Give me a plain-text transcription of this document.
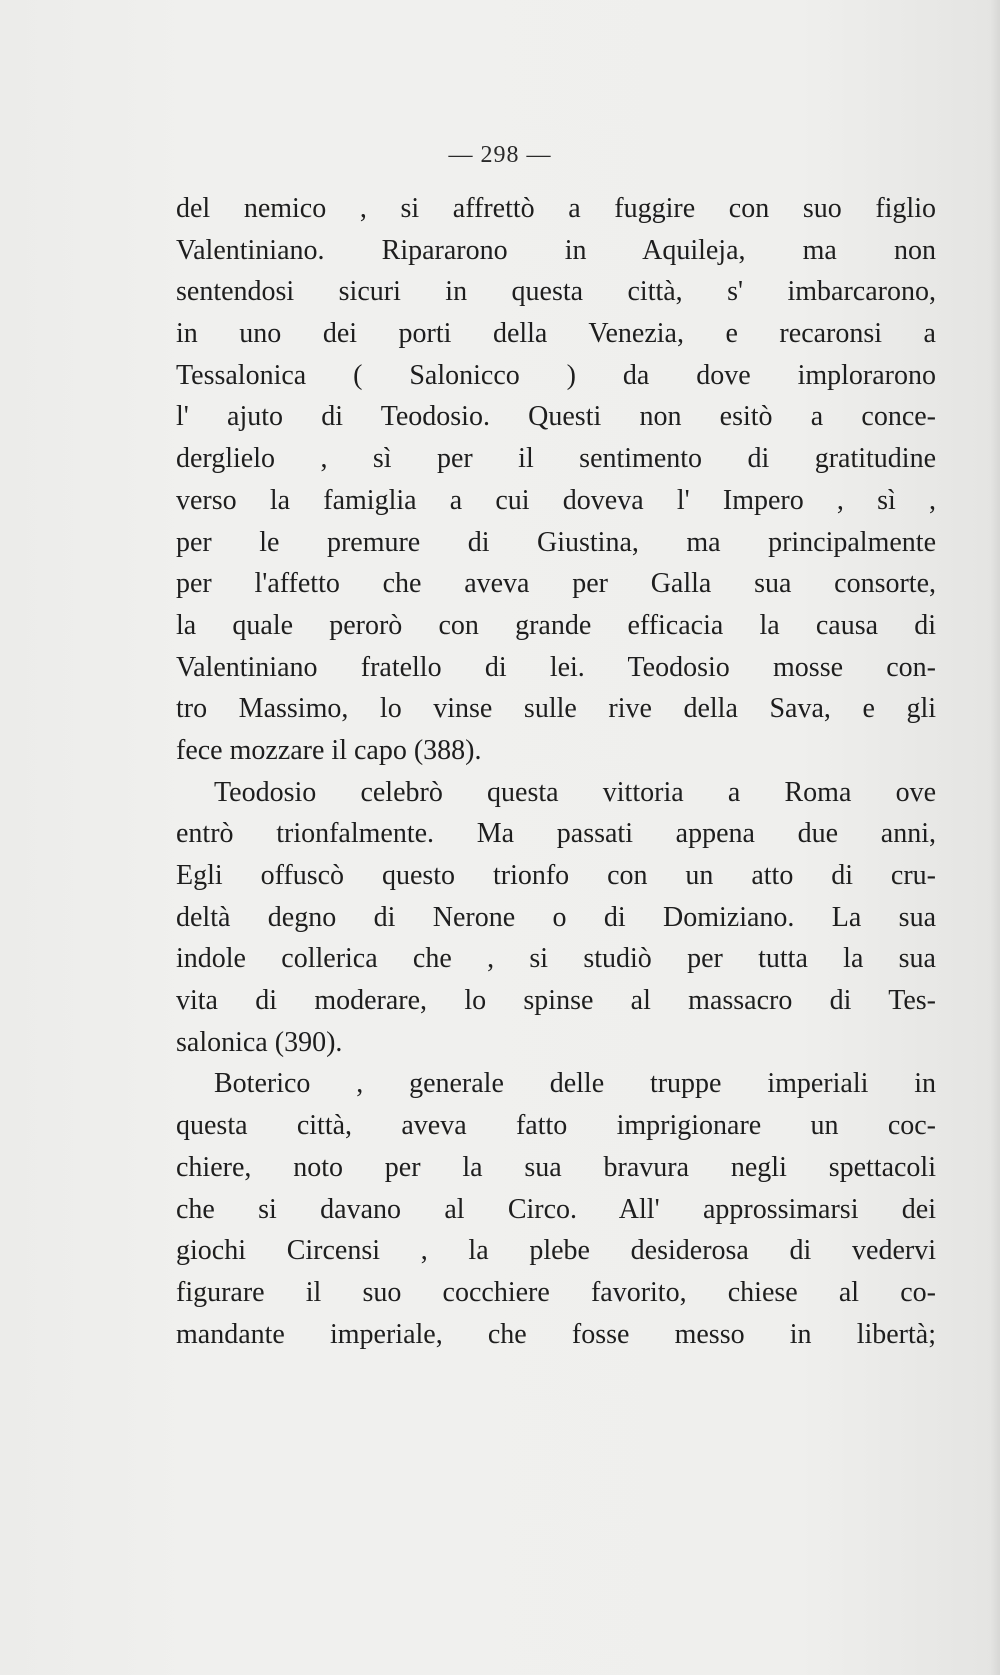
— 298 —
del nemico , si affrettò a fuggire con suo figlio
Valentiniano. Ripararono in Aquileja, ma non
sentendosi sicuri in questa città, s' imbarcarono,
in uno dei porti della Venezia, e recaronsi a
Tessalonica ( Salonicco ) da dove implorarono
l' ajuto di Teodosio. Questi non esitò a conce-
derglielo , sì per il sentimento di gratitudine
verso la famiglia a cui doveva l' Impero , sì ,
per le premure di Giustina, ma principalmente
per l'affetto che aveva per Galla sua consorte,
la quale perorò con grande efficacia la causa di
Valentiniano fratello di lei. Teodosio mosse con-
tro Massimo, lo vinse sulle rive della Sava, e gli
fece mozzare il capo (388).
Teodosio celebrò questa vittoria a Roma ove
entrò trionfalmente. Ma passati appena due anni,
Egli offuscò questo trionfo con un atto di cru-
deltà degno di Nerone o di Domiziano. La sua
indole collerica che , si studiò per tutta la sua
vita di moderare, lo spinse al massacro di Tes-
salonica (390).
Boterico , generale delle truppe imperiali in
questa città, aveva fatto imprigionare un coc-
chiere, noto per la sua bravura negli spettacoli
che si davano al Circo. All' approssimarsi dei
giochi Circensi , la plebe desiderosa di vedervi
figurare il suo cocchiere favorito, chiese al co-
mandante imperiale, che fosse messo in libertà;
